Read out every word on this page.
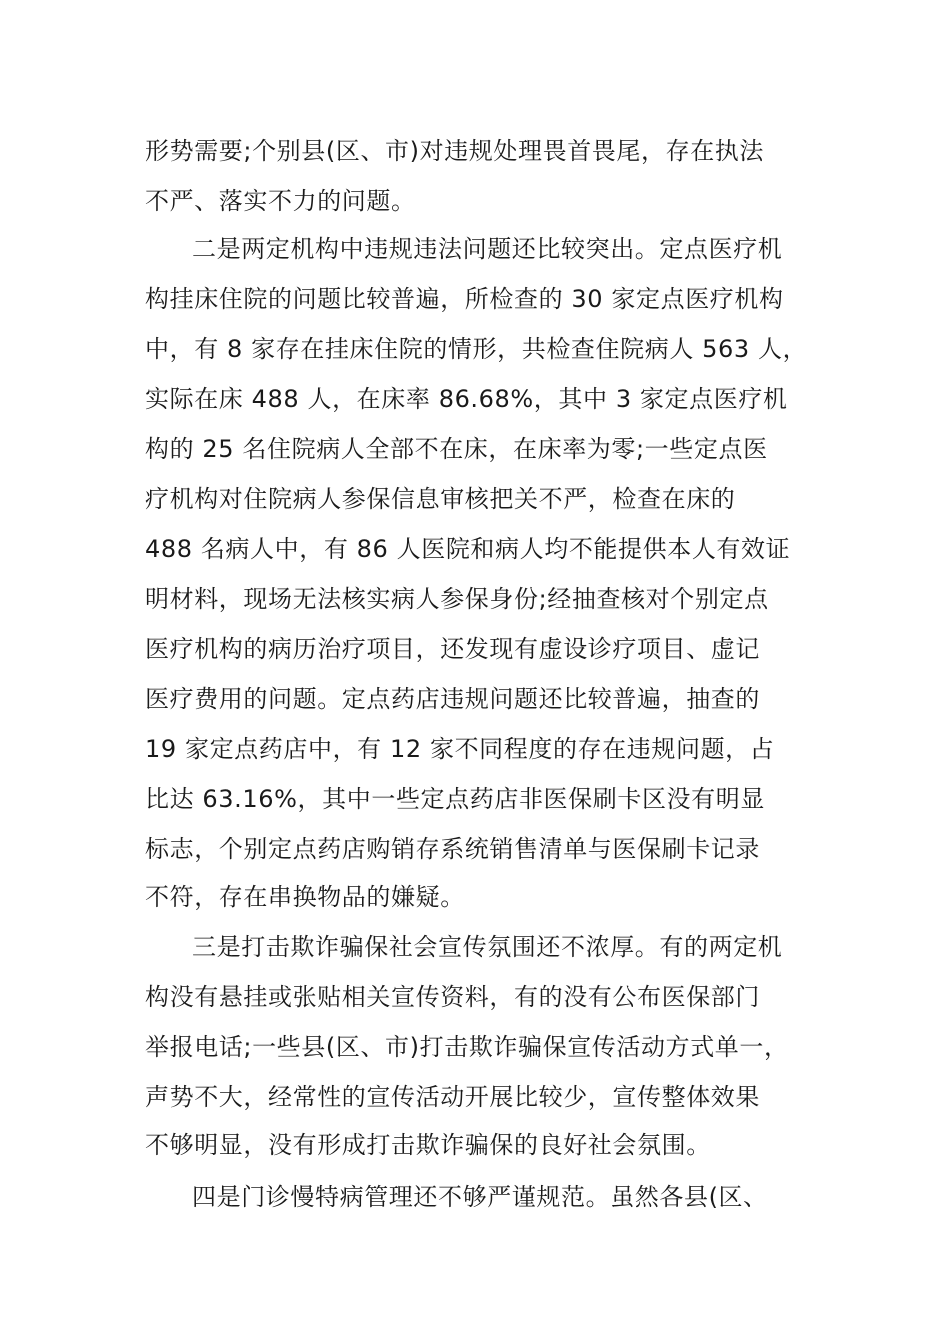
形势需要;个别县(区、市)对违规处理畏首畏尾，存在执法
不严、落实不力的问题。
二是两定机构中违规违法问题还比较突出。定点医疗机
构挂床住院的问题比较普遍，所检查的 30 家定点医疗机构
中，有 8 家存在挂床住院的情形，共检查住院病人 563 人，
实际在床 488 人，在床率 86.68%，其中 3 家定点医疗机
构的 25 名住院病人全部不在床，在床率为零;一些定点医
疗机构对住院病人参保信息审核把关不严，检查在床的
488 名病人中，有 86 人医院和病人均不能提供本人有效证
明材料，现场无法核实病人参保身份;经抽查核对个别定点
医疗机构的病历治疗项目，还发现有虚设诊疗项目、虚记
医疗费用的问题。定点药店违规问题还比较普遍，抽查的
19 家定点药店中，有 12 家不同程度的存在违规问题，占
比达 63.16%，其中一些定点药店非医保刷卡区没有明显
标志，个别定点药店购销存系统销售清单与医保刷卡记录
不符，存在串换物品的嫌疑。
三是打击欺诈骗保社会宣传氛围还不浓厚。有的两定机
构没有悬挂或张贴相关宣传资料，有的没有公布医保部门
举报电话;一些县(区、市)打击欺诈骗保宣传活动方式单一，
声势不大，经常性的宣传活动开展比较少，宣传整体效果
不够明显，没有形成打击欺诈骗保的良好社会氛围。
四是门诊慢特病管理还不够严谨规范。虽然各县(区、
